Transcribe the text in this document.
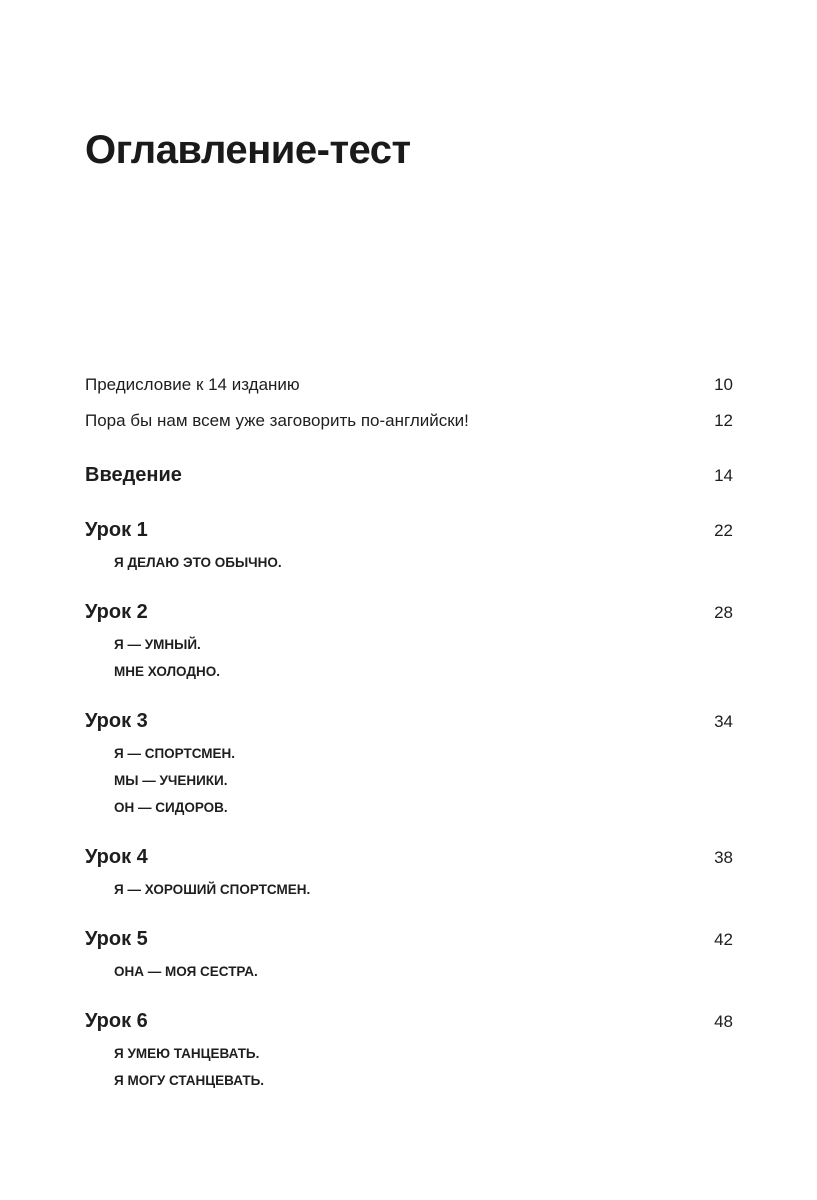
Оглавление-тест
Предисловие к 14 изданию . . .	10
Пора бы нам всем уже заговорить по-английски! . . .	12
Введение . . .	14
Урок 1 . . .	22
Я ДЕЛАЮ ЭТО ОБЫЧНО.
Урок 2 . . .	28
Я — УМНЫЙ.
МНЕ ХОЛОДНО.
Урок 3 . . .	34
Я — СПОРТСМЕН.
МЫ — УЧЕНИКИ.
ОН — СИДОРОВ.
Урок 4 . . .	38
Я — ХОРОШИЙ СПОРТСМЕН.
Урок 5 . . .	42
ОНА — МОЯ СЕСТРА.
Урок 6 . . .	48
Я УМЕЮ ТАНЦЕВАТЬ.
Я МОГУ СТАНЦЕВАТЬ.
